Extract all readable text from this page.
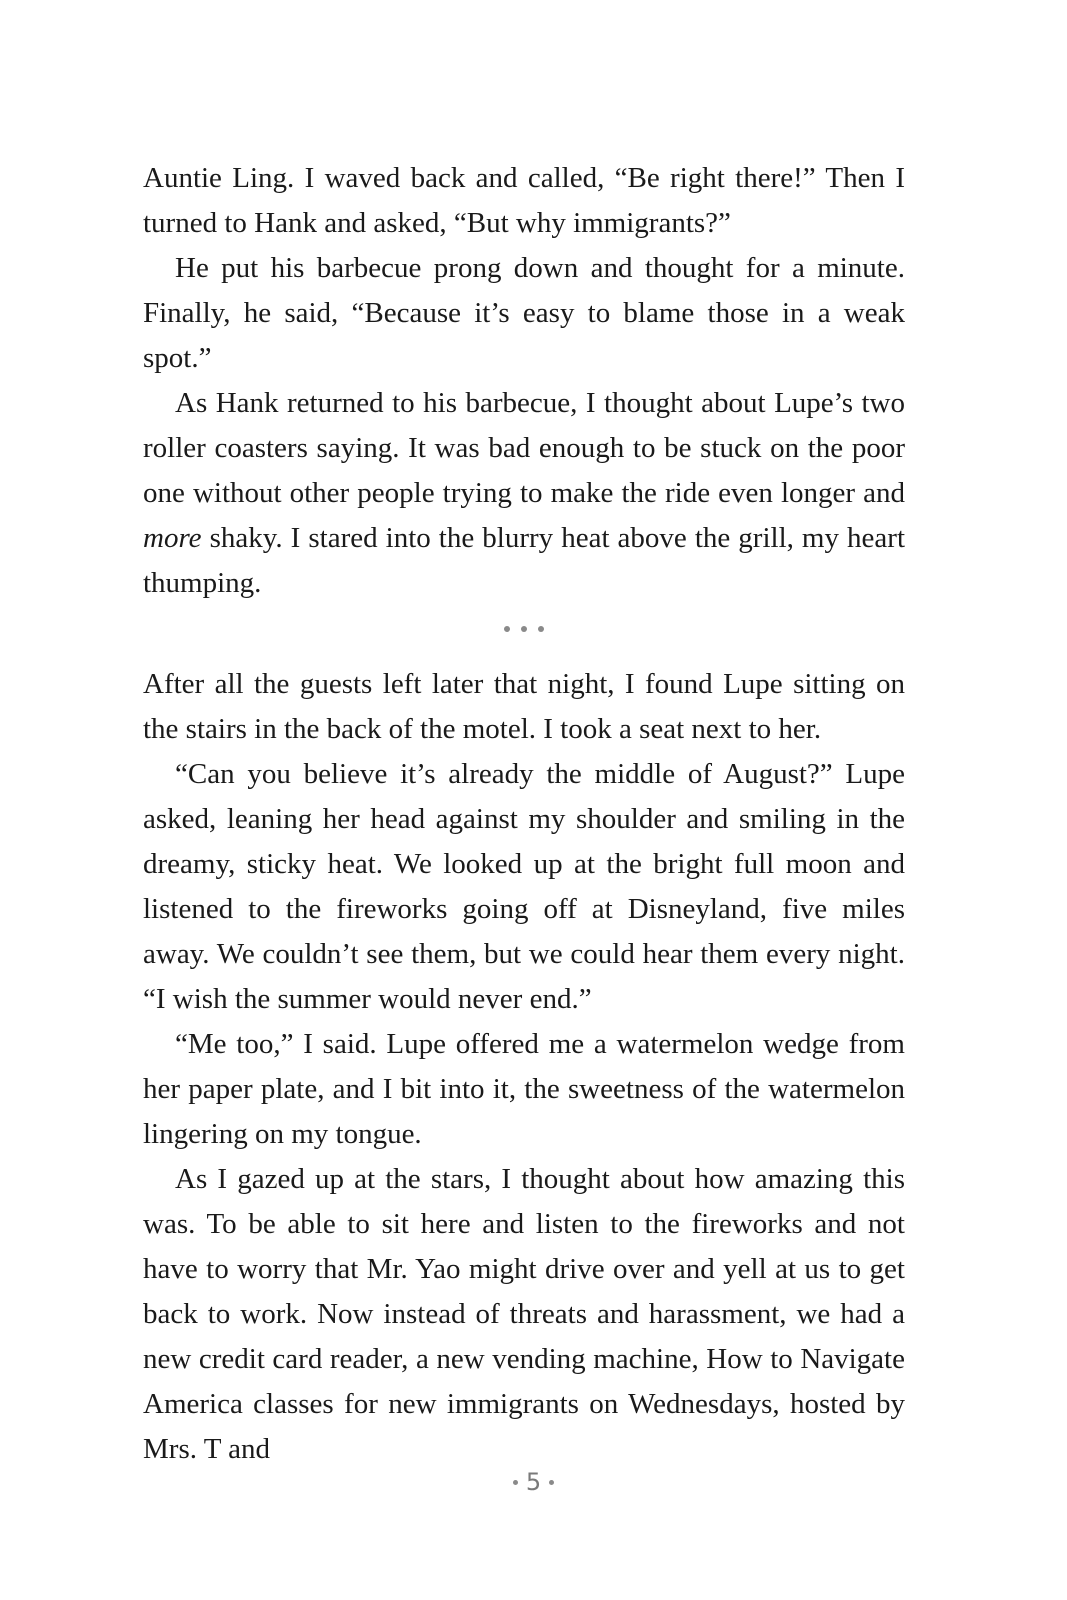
Auntie Ling. I waved back and called, “Be right there!” Then I turned to Hank and asked, “But why immigrants?”

He put his barbecue prong down and thought for a minute. Finally, he said, “Because it’s easy to blame those in a weak spot.”

As Hank returned to his barbecue, I thought about Lupe’s two roller coasters saying. It was bad enough to be stuck on the poor one without other people trying to make the ride even longer and more shaky. I stared into the blurry heat above the grill, my heart thumping.

After all the guests left later that night, I found Lupe sitting on the stairs in the back of the motel. I took a seat next to her.

“Can you believe it’s already the middle of August?” Lupe asked, leaning her head against my shoulder and smiling in the dreamy, sticky heat. We looked up at the bright full moon and listened to the fireworks going off at Disneyland, five miles away. We couldn’t see them, but we could hear them every night. “I wish the summer would never end.”

“Me too,” I said. Lupe offered me a watermelon wedge from her paper plate, and I bit into it, the sweetness of the watermelon lingering on my tongue.

As I gazed up at the stars, I thought about how amazing this was. To be able to sit here and listen to the fireworks and not have to worry that Mr. Yao might drive over and yell at us to get back to work. Now instead of threats and harassment, we had a new credit card reader, a new vending machine, How to Navigate America classes for new immigrants on Wednesdays, hosted by Mrs. T and

5
